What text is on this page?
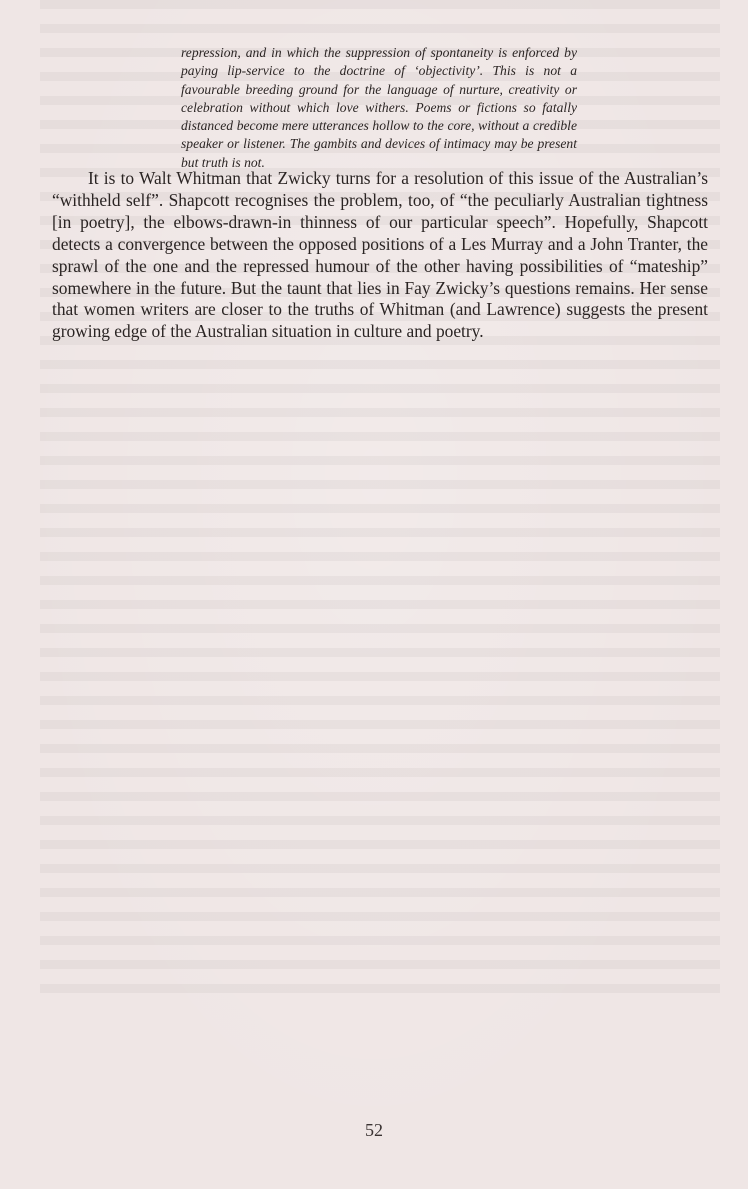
repression, and in which the suppression of spontaneity is enforced by paying lip-service to the doctrine of ‘objectivity’. This is not a favourable breeding ground for the language of nurture, creativity or celebration without which love withers. Poems or fictions so fatally distanced become mere utterances hollow to the core, without a credible speaker or listener. The gambits and devices of intimacy may be present but truth is not.

It is to Walt Whitman that Zwicky turns for a resolution of this issue of the Australian’s “withheld self”. Shapcott recognises the problem, too, of “the peculiarly Australian tightness [in poetry], the elbows-drawn-in thinness of our particular speech”. Hopefully, Shapcott detects a convergence between the opposed positions of a Les Murray and a John Tranter, the sprawl of the one and the repressed humour of the other having possibilities of “mateship” somewhere in the future. But the taunt that lies in Fay Zwicky’s questions remains. Her sense that women writers are closer to the truths of Whitman (and Lawrence) suggests the present growing edge of the Australian situation in culture and poetry.

52
